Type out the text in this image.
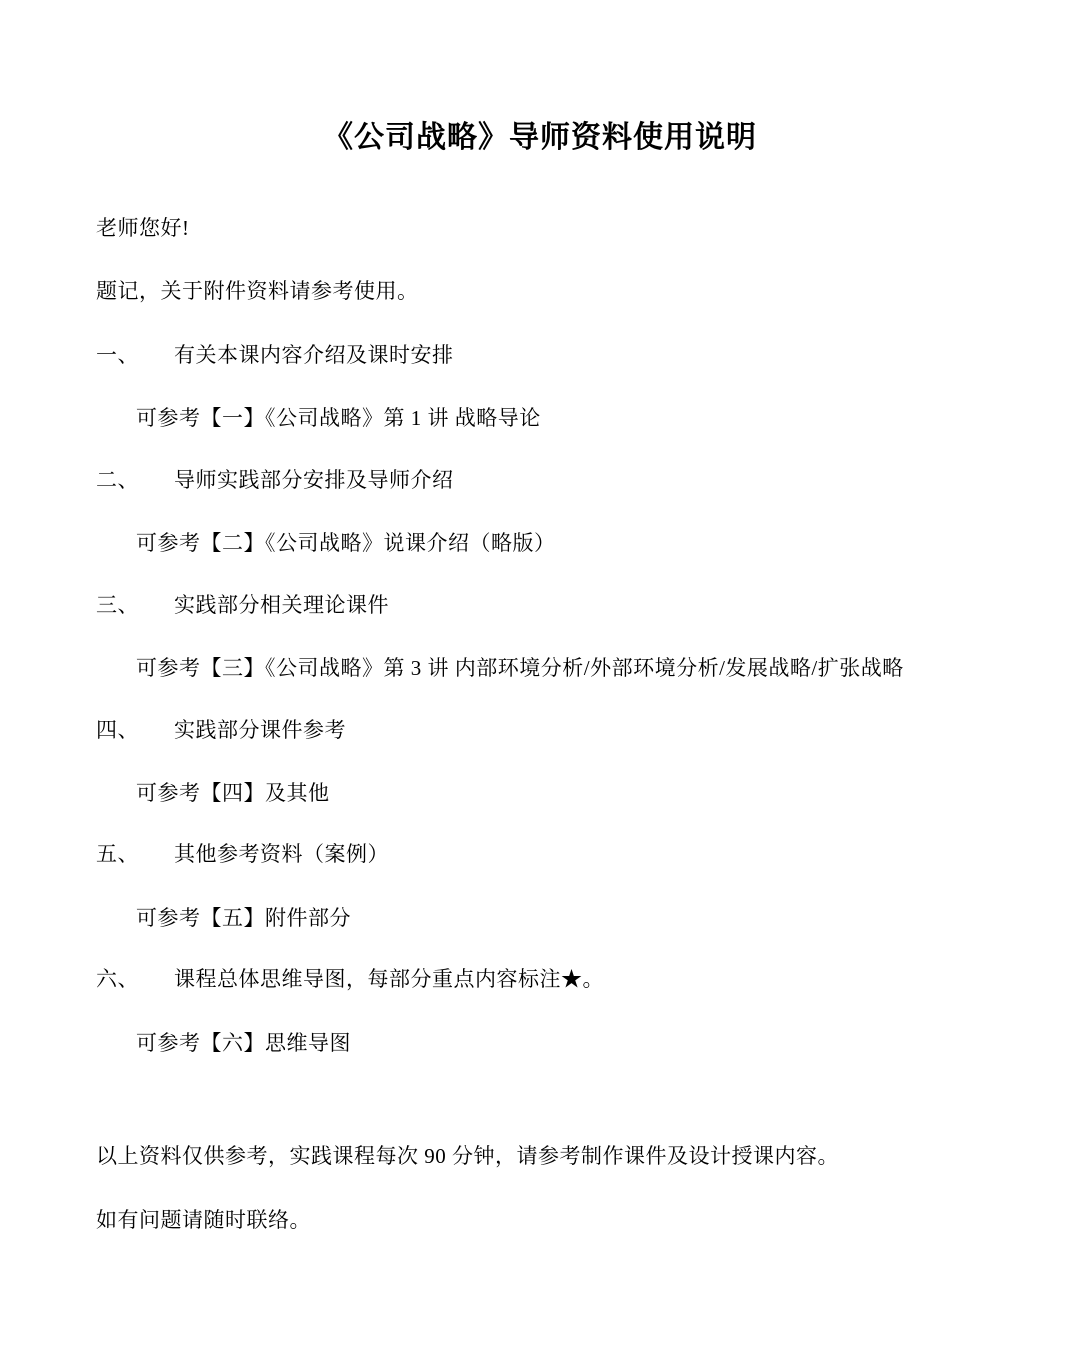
《公司战略》导师资料使用说明

老师您好!

题记，关于附件资料请参考使用。

一、 有关本课内容介绍及课时安排

可参考【一】《公司战略》第 1 讲 战略导论

二、 导师实践部分安排及导师介绍

可参考【二】《公司战略》说课介绍（略版）

三、 实践部分相关理论课件

可参考【三】《公司战略》第 3 讲 内部环境分析/外部环境分析/发展战略/扩张战略

四、 实践部分课件参考

可参考【四】及其他

五、 其他参考资料（案例）

可参考【五】附件部分

六、 课程总体思维导图，每部分重点内容标注★。

可参考【六】思维导图

以上资料仅供参考，实践课程每次 90 分钟，请参考制作课件及设计授课内容。

如有问题请随时联络。
